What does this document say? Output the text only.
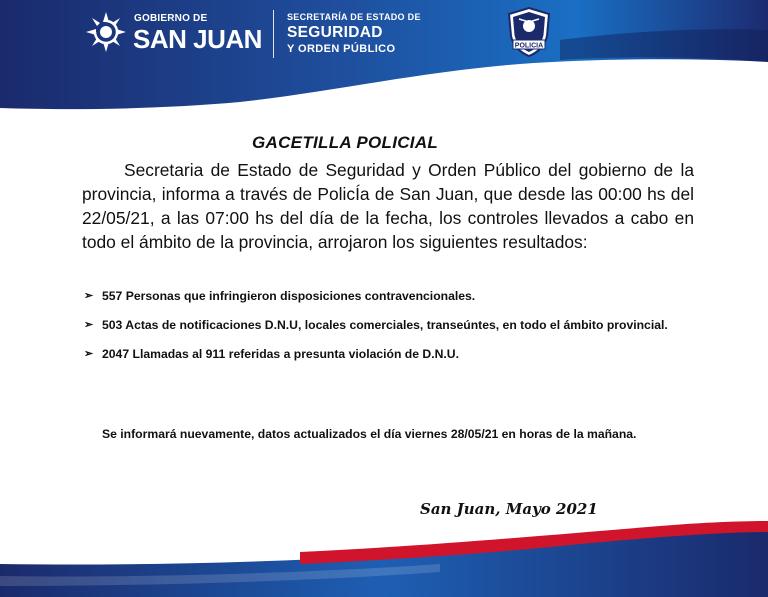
GOBIERNO DE
SAN JUAN
SECRETARÍA DE ESTADO DE
SEGURIDAD
Y ORDEN PÚBLICO	POLICIA
GACETILLA POLICIAL

Secretaria de Estado de Seguridad y Orden Público del gobierno de la provincia, informa a través de PolicÍa de San Juan, que desde las 00:00 hs del 22/05/21, a las 07:00 hs del día de la fecha, los controles llevados a cabo en todo el ámbito de la provincia, arrojaron los siguientes resultados:

➢ 557 Personas que infringieron disposiciones contravencionales.
➢ 503 Actas de notificaciones D.N.U, locales comerciales, transeúntes, en todo el ámbito provincial.
➢ 2047 Llamadas al 911 referidas a presunta violación de D.N.U.

Se informará nuevamente, datos actualizados el día viernes 28/05/21 en horas de la mañana.

San Juan, Mayo 2021
